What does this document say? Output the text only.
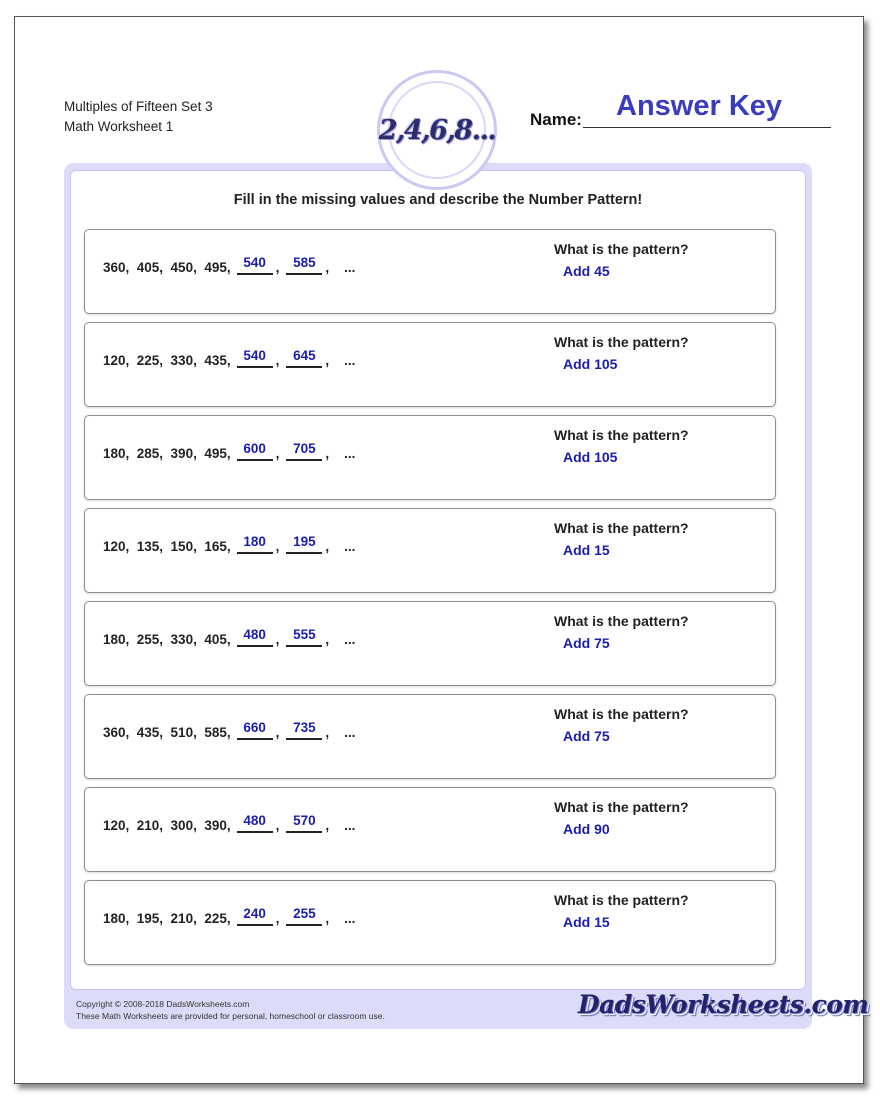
Multiples of Fifteen Set 3
Math Worksheet 1	2,4,6,8... Name: Answer Key
Fill in the missing values and describe the Number Pattern!
360,  405,  450,  495, 540 ,	585 , ...
What is the pattern?
Add 45
120,  225,  330,  435, 540 ,	645 , ...
What is the pattern?
Add 105
180,  285,  390,  495, 600 ,	705 , ...
What is the pattern?
Add 105
120,  135,  150,  165, 180 ,	195 , ...
What is the pattern?
Add 15
180,  255,  330,  405, 480 ,	555 , ...
What is the pattern?
Add 75
360,  435,  510,  585, 660 ,	735 , ...
What is the pattern?
Add 75
120,  210,  300,  390, 480 ,	570 , ...
What is the pattern?
Add 90
180,  195,  210,  225, 240 ,	255 , ...
What is the pattern?
Add 15
Copyright © 2008-2018 DadsWorksheets.com
These Math Worksheets are provided for personal, homeschool or classroom use.	DadsWorksheets.com
